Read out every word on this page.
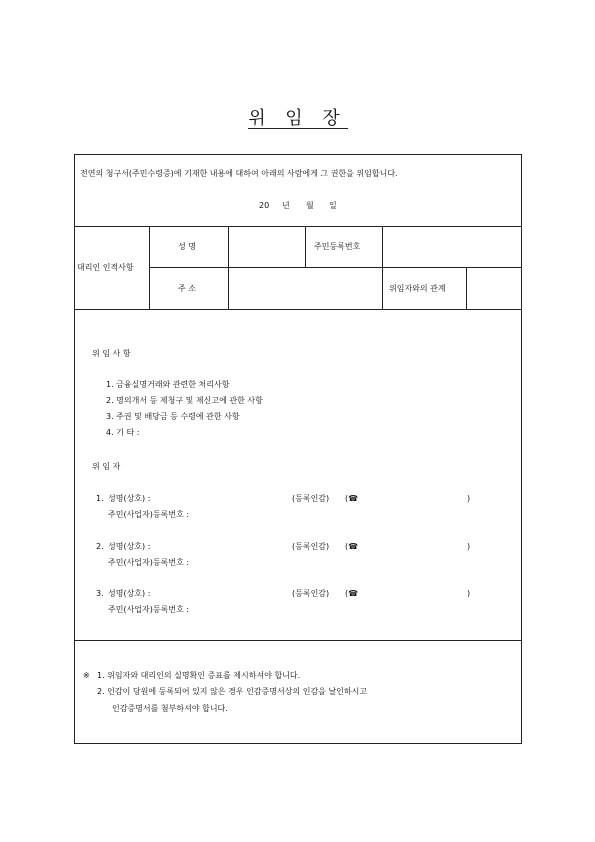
위 임 장
전연의 청구서(주민수령증)에 기재한 내용에 대하여 아래의 사람에게 그 권한을 위임합니다.
20 년 월 일
대리인 인적사항
성 명	주민등록번호
주 소	위임자와의 관계
위 임 사 항
1. 금융실명거래와 관련한 처리사항
2. 명의개서 등 제청구 및 제신고에 관한 사항
3. 주권 및 배당금 등 수령에 관한 사항
4. 기 타 :
위 임 자
1. 성명(상호) :	(등록인감) (☎	)
주민(사업자)등록번호 :
2. 성명(상호) :	(등록인감) (☎	)
주민(사업자)등록번호 :
3. 성명(상호) :	(등록인감) (☎	)
주민(사업자)등록번호 :
※ 1. 위임자와 대리인의 실명확인 증표를 제시하셔야 합니다.
2. 인감이 당원에 등록되어 있지 않은 경우 인감증명서상의 인감을 날인하시고
인감증명서를 첨부하셔야 합니다.
